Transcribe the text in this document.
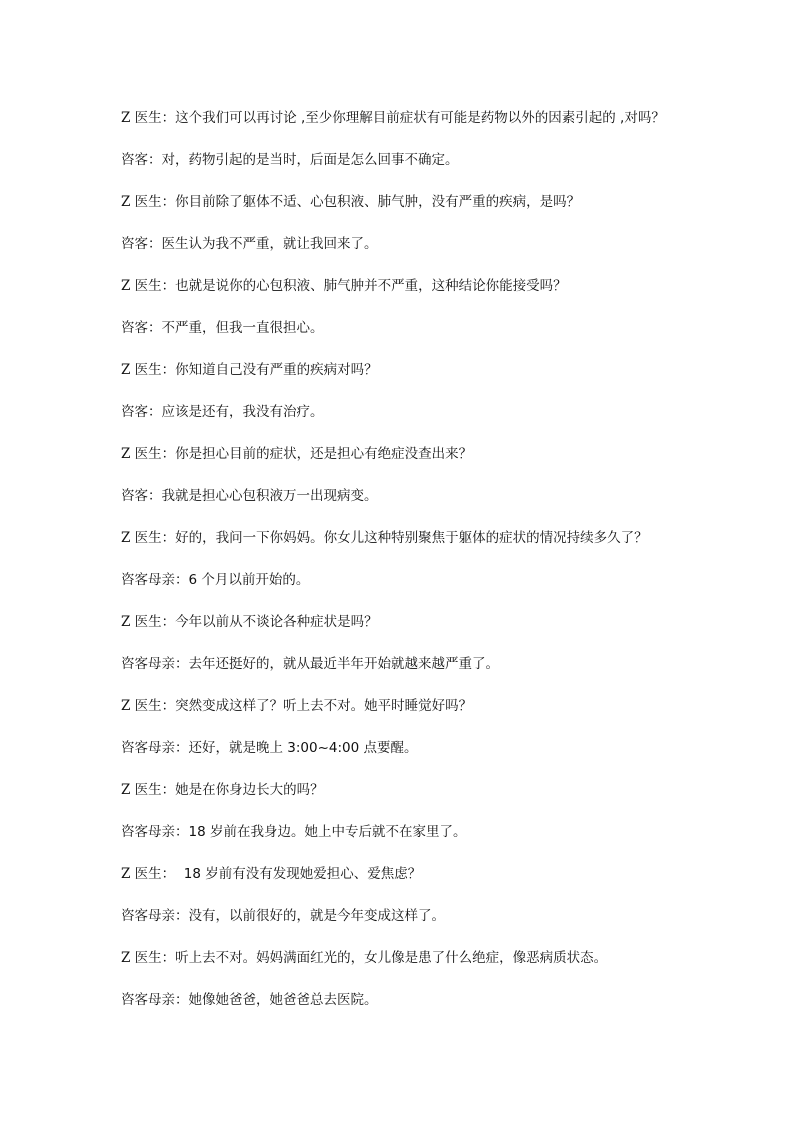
Z 医生：这个我们可以再讨论 ,至少你理解目前症状有可能是药物以外的因素引起的 ,对吗？
咨客：对，药物引起的是当时，后面是怎么回事不确定。
Z 医生：你目前除了躯体不适、心包积液、肺气肿，没有严重的疾病，是吗？
咨客：医生认为我不严重，就让我回来了。
Z 医生：也就是说你的心包积液、肺气肿并不严重，这种结论你能接受吗？
咨客：不严重，但我一直很担心。
Z 医生：你知道自己没有严重的疾病对吗？
咨客：应该是还有，我没有治疗。
Z 医生：你是担心目前的症状，还是担心有绝症没查出来？
咨客：我就是担心心包积液万一出现病变。
Z 医生：好的，我问一下你妈妈。你女儿这种特别聚焦于躯体的症状的情况持续多久了？
咨客母亲：6 个月以前开始的。
Z 医生：今年以前从不谈论各种症状是吗？
咨客母亲：去年还挺好的，就从最近半年开始就越来越严重了。
Z 医生：突然变成这样了？听上去不对。她平时睡觉好吗？
咨客母亲：还好，就是晚上 3:00~4:00 点要醒。
Z 医生：她是在你身边长大的吗？
咨客母亲：18 岁前在我身边。她上中专后就不在家里了。
Z 医生：  18 岁前有没有发现她爱担心、爱焦虑？
咨客母亲：没有，以前很好的，就是今年变成这样了。
Z 医生：听上去不对。妈妈满面红光的，女儿像是患了什么绝症，像恶病质状态。
咨客母亲：她像她爸爸，她爸爸总去医院。
